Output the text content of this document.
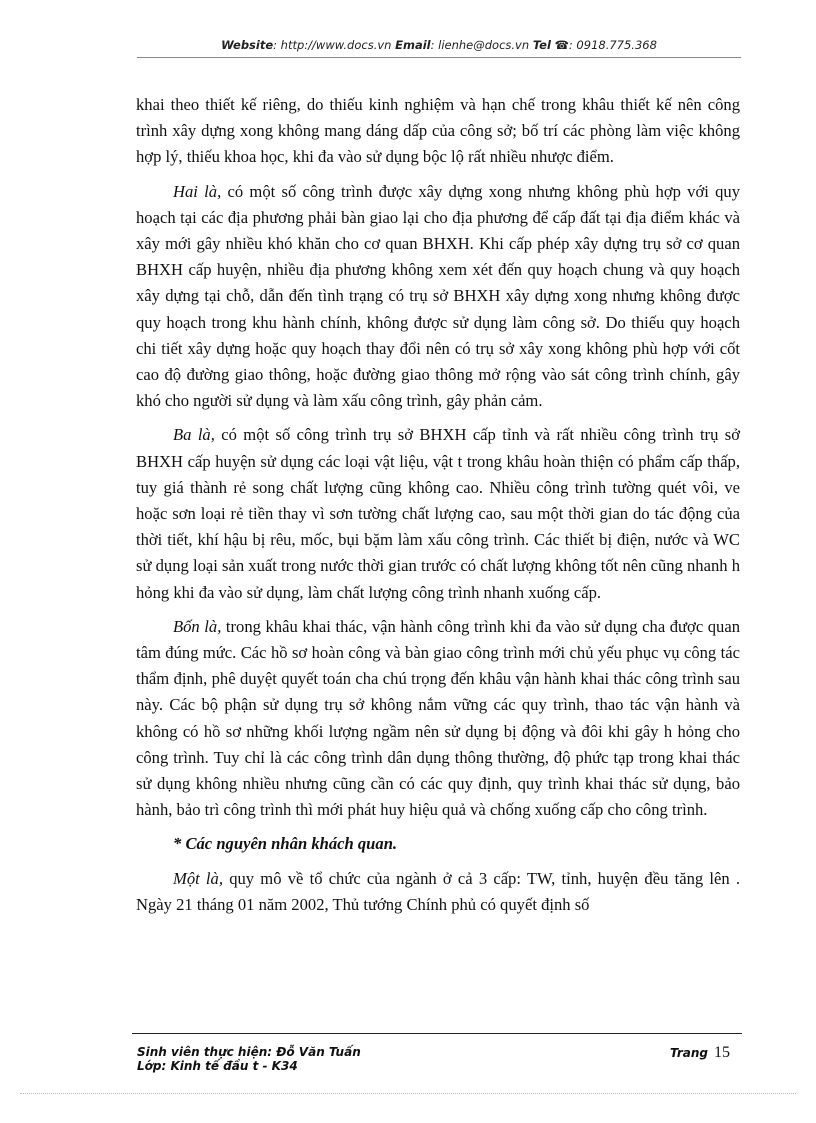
Website: http://www.docs.vn Email: lienhe@docs.vn Tel ☎: 0918.775.368

khai theo thiết kế riêng, do thiếu kinh nghiệm và hạn chế trong khâu thiết kế nên công trình xây dựng xong không mang dáng dấp của công sở; bố trí các phòng làm việc không hợp lý, thiếu khoa học, khi đa vào sử dụng bộc lộ rất nhiều nhược điểm.

Hai là, có một số công trình được xây dựng xong nhưng không phù hợp với quy hoạch tại các địa phương phải bàn giao lại cho địa phương để cấp đất tại địa điểm khác và xây mới gây nhiều khó khăn cho cơ quan BHXH. Khi cấp phép xây dựng trụ sở cơ quan BHXH cấp huyện, nhiều địa phương không xem xét đến quy hoạch chung và quy hoạch xây dựng tại chỗ, dẫn đến tình trạng có trụ sở BHXH xây dựng xong nhưng không được quy hoạch trong khu hành chính, không được sử dụng làm công sở. Do thiếu quy hoạch chi tiết xây dựng hoặc quy hoạch thay đổi nên có trụ sở xây xong không phù hợp với cốt cao độ đường giao thông, hoặc đường giao thông mở rộng vào sát công trình chính, gây khó cho người sử dụng và làm xấu công trình, gây phản cảm.

Ba là, có một số công trình trụ sở BHXH cấp tỉnh và rất nhiều công trình trụ sở BHXH cấp huyện sử dụng các loại vật liệu, vật t trong khâu hoàn thiện có phẩm cấp thấp, tuy giá thành rẻ song chất lượng cũng không cao. Nhiều công trình tường quét vôi, ve hoặc sơn loại rẻ tiền thay vì sơn tường chất lượng cao, sau một thời gian do tác động của thời tiết, khí hậu bị rêu, mốc, bụi bặm làm xấu công trình. Các thiết bị điện, nước và WC sử dụng loại sản xuất trong nước thời gian trước có chất lượng không tốt nên cũng nhanh h hỏng khi đa vào sử dụng, làm chất lượng công trình nhanh xuống cấp.

Bốn là, trong khâu khai thác, vận hành công trình khi đa vào sử dụng cha được quan tâm đúng mức. Các hồ sơ hoàn công và bàn giao công trình mới chủ yếu phục vụ công tác thẩm định, phê duyệt quyết toán cha chú trọng đến khâu vận hành khai thác công trình sau này. Các bộ phận sử dụng trụ sở không nắm vững các quy trình, thao tác vận hành và không có hồ sơ những khối lượng ngầm nên sử dụng bị động và đôi khi gây h hỏng cho công trình. Tuy chỉ là các công trình dân dụng thông thường, độ phức tạp trong khai thác sử dụng không nhiều nhưng cũng cần có các quy định, quy trình khai thác sử dụng, bảo hành, bảo trì công trình thì mới phát huy hiệu quả và chống xuống cấp cho công trình.

* Các nguyên nhân khách quan.

Một là, quy mô về tổ chức của ngành ở cả 3 cấp: TW, tỉnh, huyện đều tăng lên . Ngày 21 tháng 01 năm 2002, Thủ tướng Chính phủ có quyết định số

Sinh viên thực hiện: Đỗ Văn Tuấn
Lớp: Kinh tế đầu t - K34
Trang 15
